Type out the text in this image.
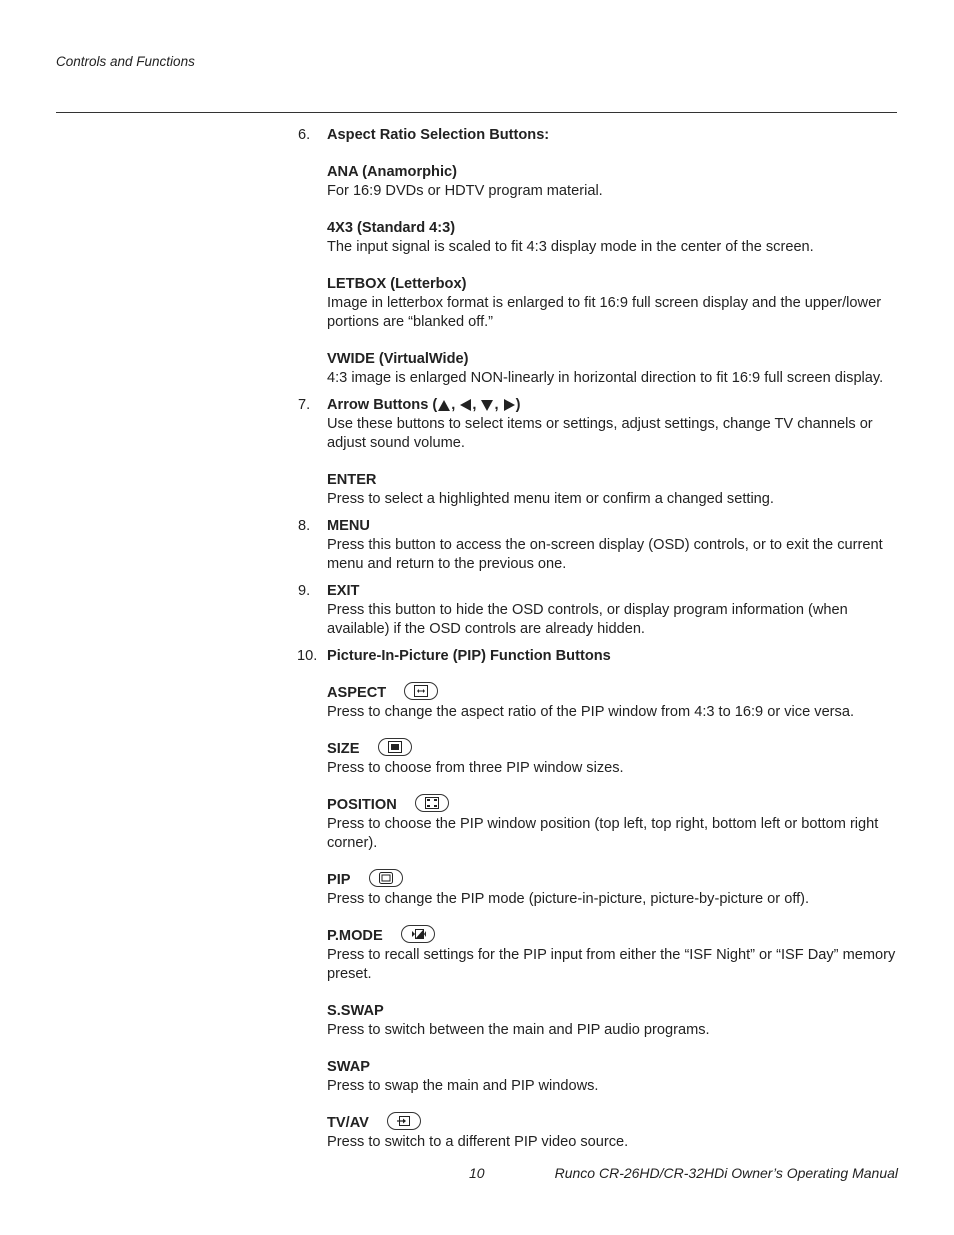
Controls and Functions
6.	Aspect Ratio Selection Buttons:
ANA (Anamorphic)
For 16:9 DVDs or HDTV program material.
4X3 (Standard 4:3)
The input signal is scaled to fit 4:3 display mode in the center of the screen.
LETBOX (Letterbox)
Image in letterbox format is enlarged to fit 16:9 full screen display and the upper/lower portions are “blanked off.”
VWIDE (VirtualWide)
4:3 image is enlarged NON-linearly in horizontal direction to fit 16:9 full screen display.
7.	Arrow Buttons ( , , , )
Use these buttons to select items or settings, adjust settings, change TV channels or adjust sound volume.
ENTER
Press to select a highlighted menu item or confirm a changed setting.
8.	MENU
Press this button to access the on-screen display (OSD) controls, or to exit the current menu and return to the previous one.
9.	EXIT
Press this button to hide the OSD controls, or display program information (when available) if the OSD controls are already hidden.
10. Picture-In-Picture (PIP) Function Buttons
ASPECT
Press to change the aspect ratio of the PIP window from 4:3 to 16:9 or vice versa.
SIZE
Press to choose from three PIP window sizes.
POSITION
Press to choose the PIP window position (top left, top right, bottom left or bottom right corner).
PIP
Press to change the PIP mode (picture-in-picture, picture-by-picture or off).
P.MODE
Press to recall settings for the PIP input from either the “ISF Night” or “ISF Day” memory preset.
S.SWAP
Press to switch between the main and PIP audio programs.
SWAP
Press to swap the main and PIP windows.
TV/AV
Press to switch to a different PIP video source.
10	Runco CR-26HD/CR-32HDi Owner’s Operating Manual
